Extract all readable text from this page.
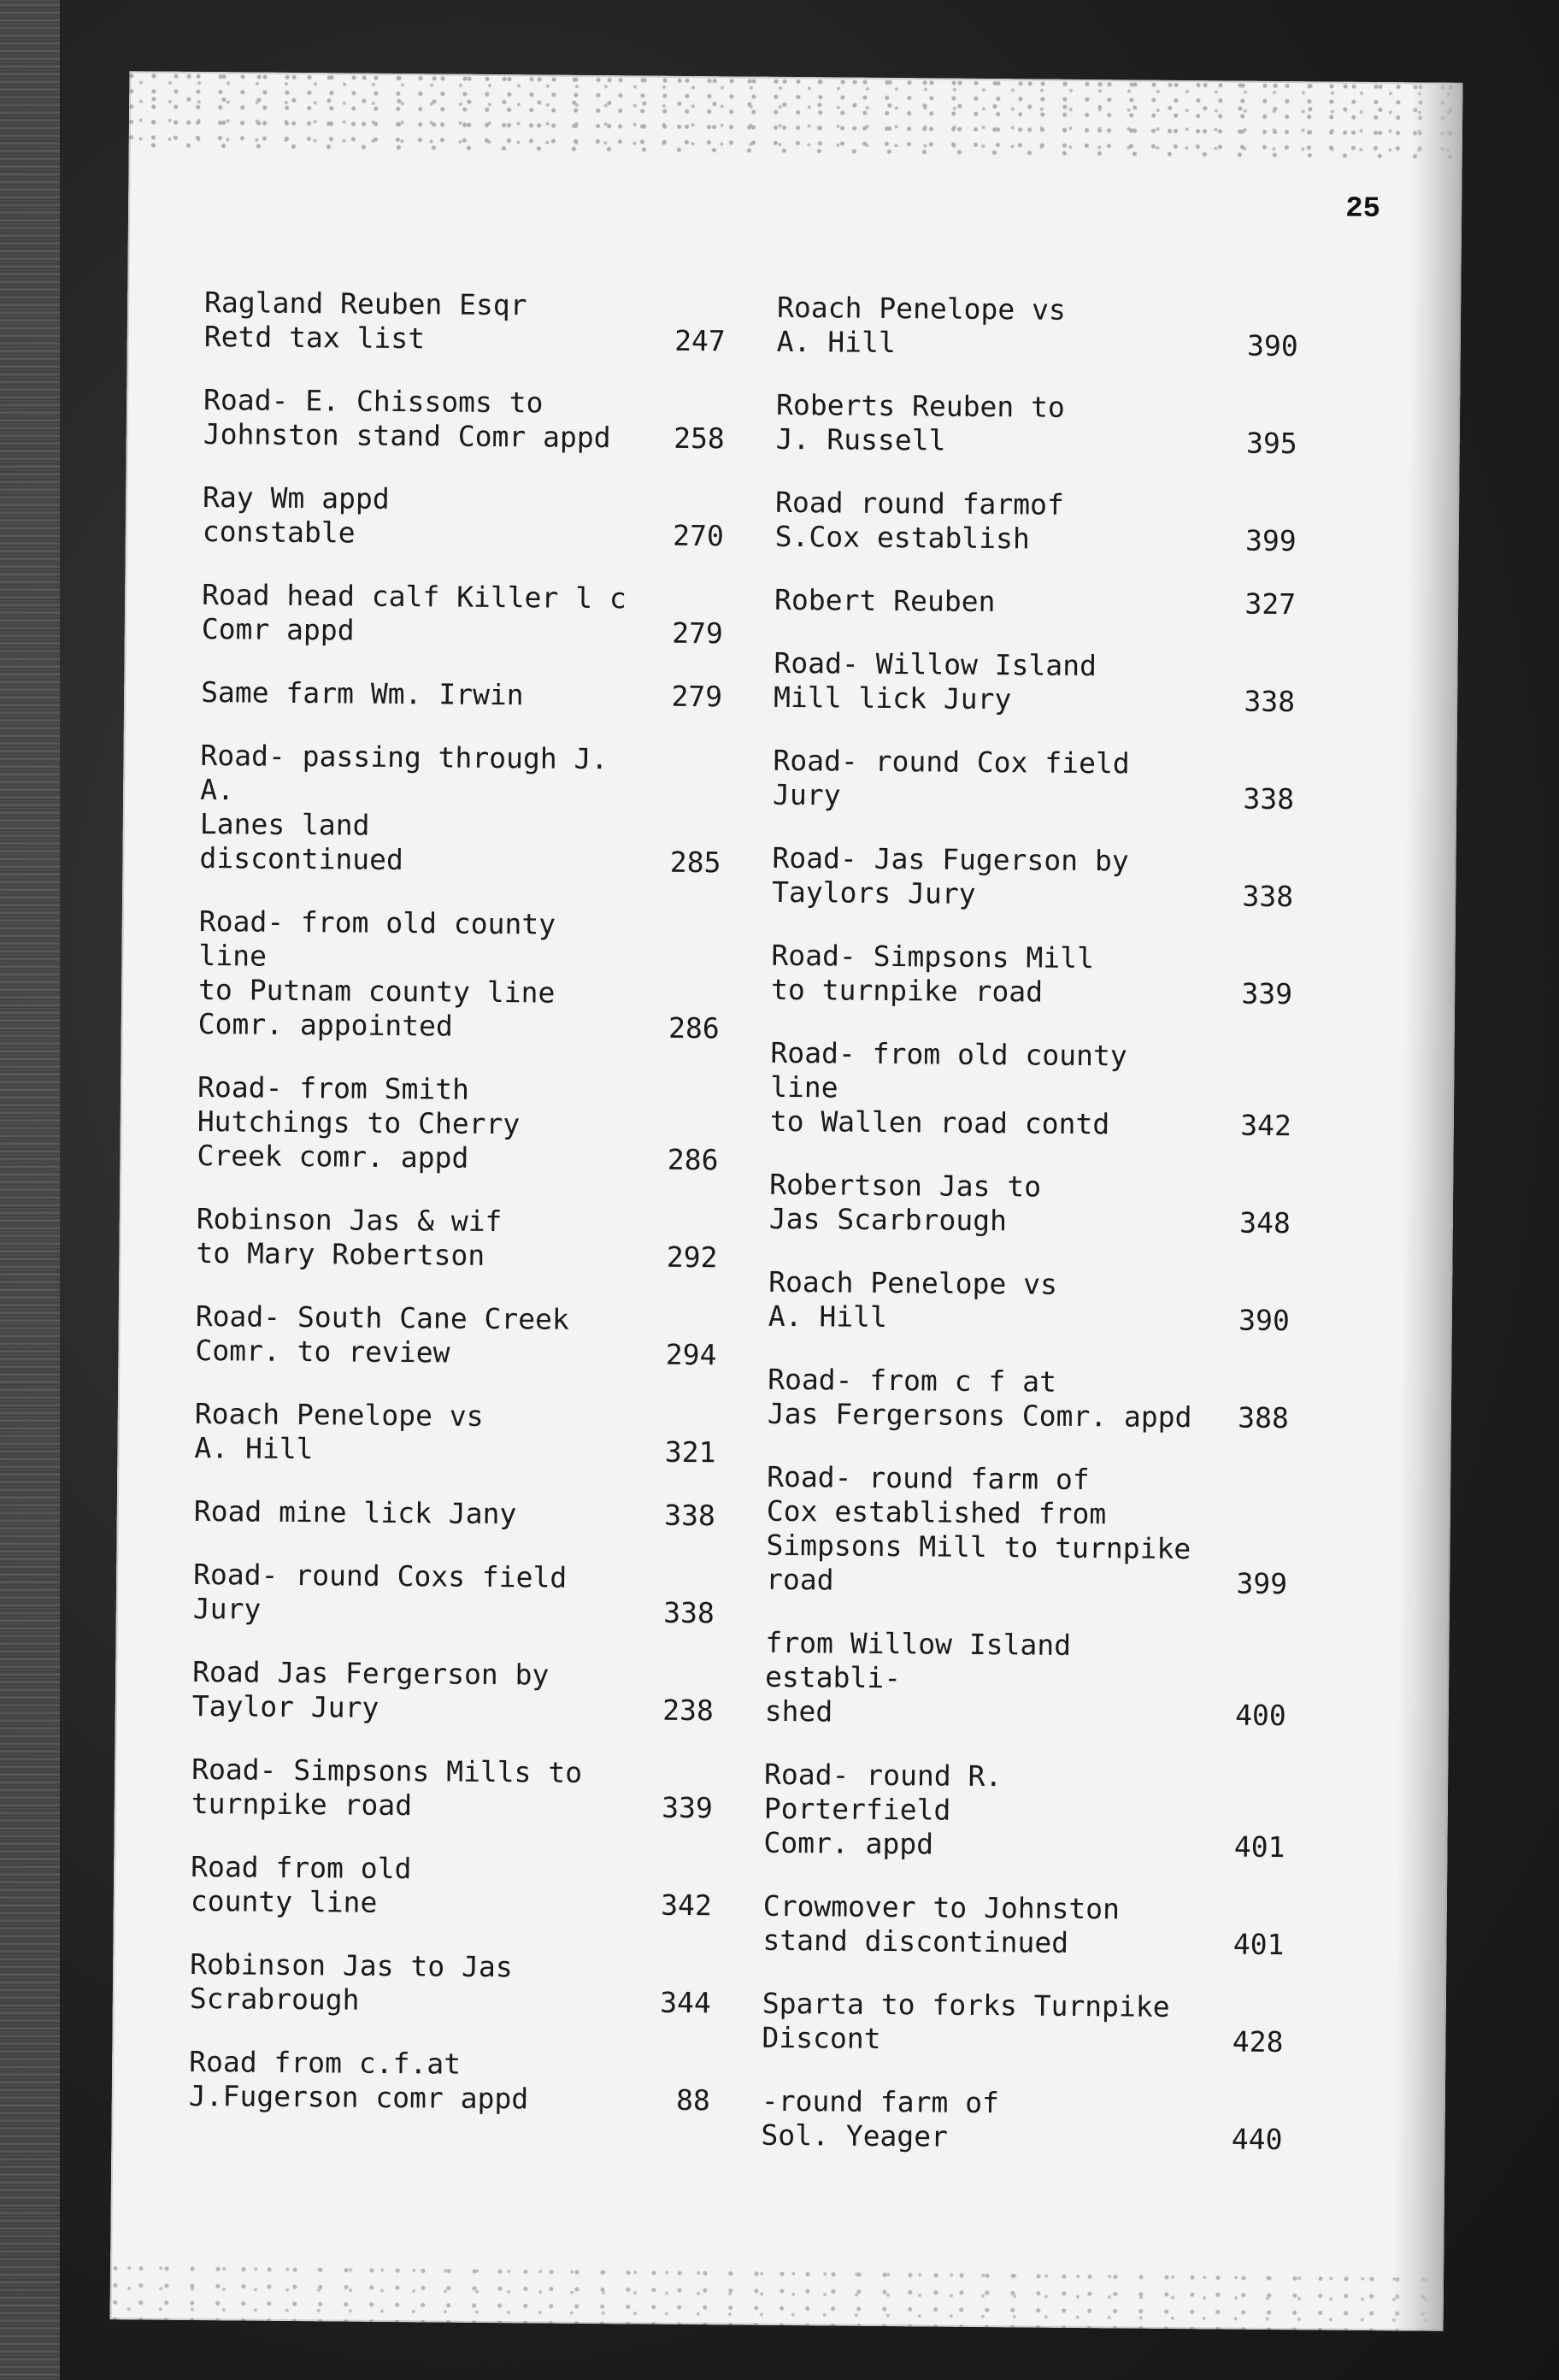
25
Ragland Reuben Esqr
Retd tax list	247
Road- E. Chissoms to
Johnston stand Comr appd	258
Ray Wm appd
constable	270
Road head calf Killer l c
Comr appd	279
Same farm Wm. Irwin	279
Road- passing through J. A.
Lanes land
discontinued	285
Road- from old county line
to Putnam county line
Comr. appointed	286
Road- from Smith
Hutchings to Cherry
Creek comr. appd	286
Robinson Jas & wif
to Mary Robertson	292
Road- South Cane Creek
Comr. to review	294
Roach Penelope vs
A. Hill	321
Road mine lick Jany	338
Road- round Coxs field
Jury	338
Road Jas Fergerson by
Taylor Jury	238
Road- Simpsons Mills to
turnpike road	339
Road from old
county line	342
Robinson Jas to Jas
Scrabrough	344
Road from c.f.at
J.Fugerson comr appd	88
Roach Penelope vs
A. Hill	390
Roberts Reuben to
J. Russell	395
Road round farmof
S.Cox establish	399
Robert Reuben	327
Road- Willow Island
Mill lick Jury	338
Road- round Cox field
Jury	338
Road- Jas Fugerson by
Taylors Jury	338
Road- Simpsons Mill
to turnpike road	339
Road- from old county line
to Wallen road contd	342
Robertson Jas to
Jas Scarbrough	348
Roach Penelope vs
A. Hill	390
Road- from c f at
Jas Fergersons Comr. appd	388
Road- round farm of
Cox established from
Simpsons Mill to turnpike
road	399
from Willow Island establi-
shed	400
Road- round R. Porterfield
Comr. appd	401
Crowmover to Johnston
stand discontinued	401
Sparta to forks Turnpike
Discont	428
-round farm of
Sol. Yeager	440
